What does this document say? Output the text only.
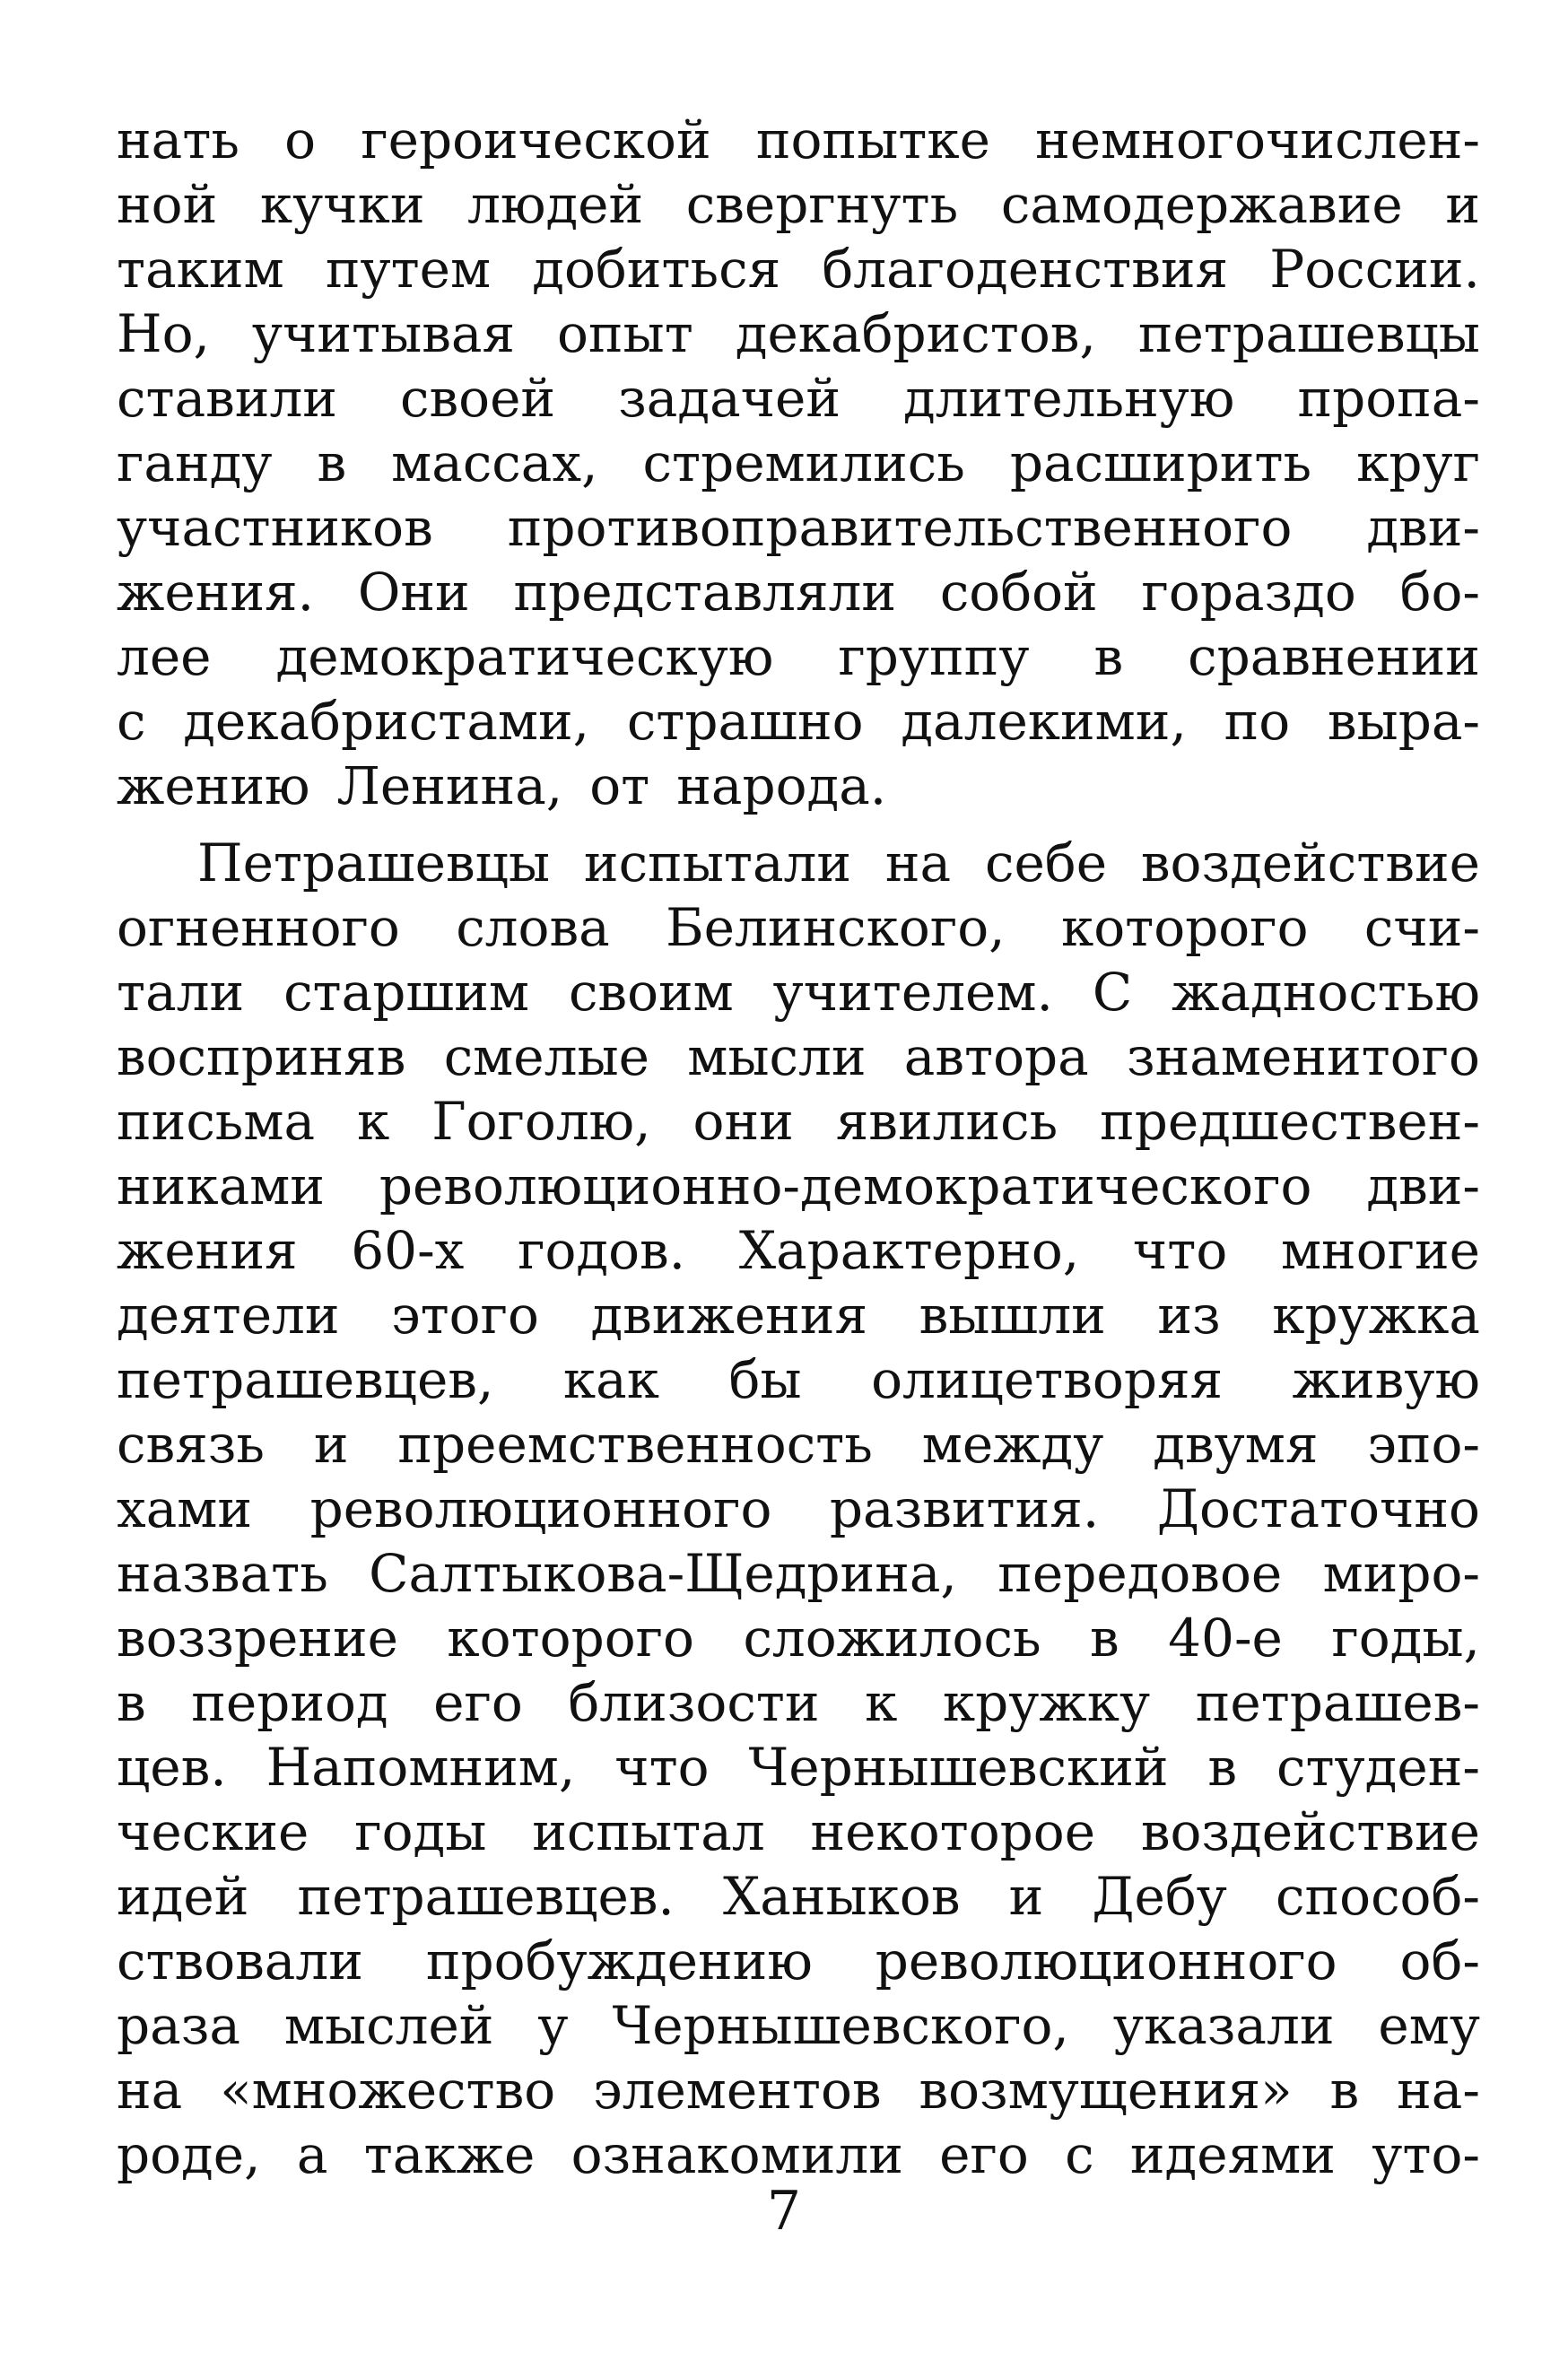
нать о героической попытке немногочислен-
ной кучки людей свергнуть самодержавие и
таким путем добиться благоденствия России.
Но, учитывая опыт декабристов, петрашевцы
ставили своей задачей длительную пропа-
ганду в массах, стремились расширить круг
участников противоправительственного дви-
жения. Они представляли собой гораздо бо-
лее демократическую группу в сравнении
с декабристами, страшно далекими, по выра-
жению Ленина, от народа.
Петрашевцы испытали на себе воздействие
огненного слова Белинского, которого счи-
тали старшим своим учителем. С жадностью
восприняв смелые мысли автора знаменитого
письма к Гоголю, они явились предшествен-
никами революционно-демократического дви-
жения 60-х годов. Характерно, что многие
деятели этого движения вышли из кружка
петрашевцев, как бы олицетворяя живую
связь и преемственность между двумя эпо-
хами революционного развития. Достаточно
назвать Салтыкова-Щедрина, передовое миро-
воззрение которого сложилось в 40-е годы,
в период его близости к кружку петрашев-
цев. Напомним, что Чернышевский в студен-
ческие годы испытал некоторое воздействие
идей петрашевцев. Ханыков и Дебу способ-
ствовали пробуждению революционного об-
раза мыслей у Чернышевского, указали ему
на «множество элементов возмущения» в на-
роде, а также ознакомили его с идеями уто-
7
